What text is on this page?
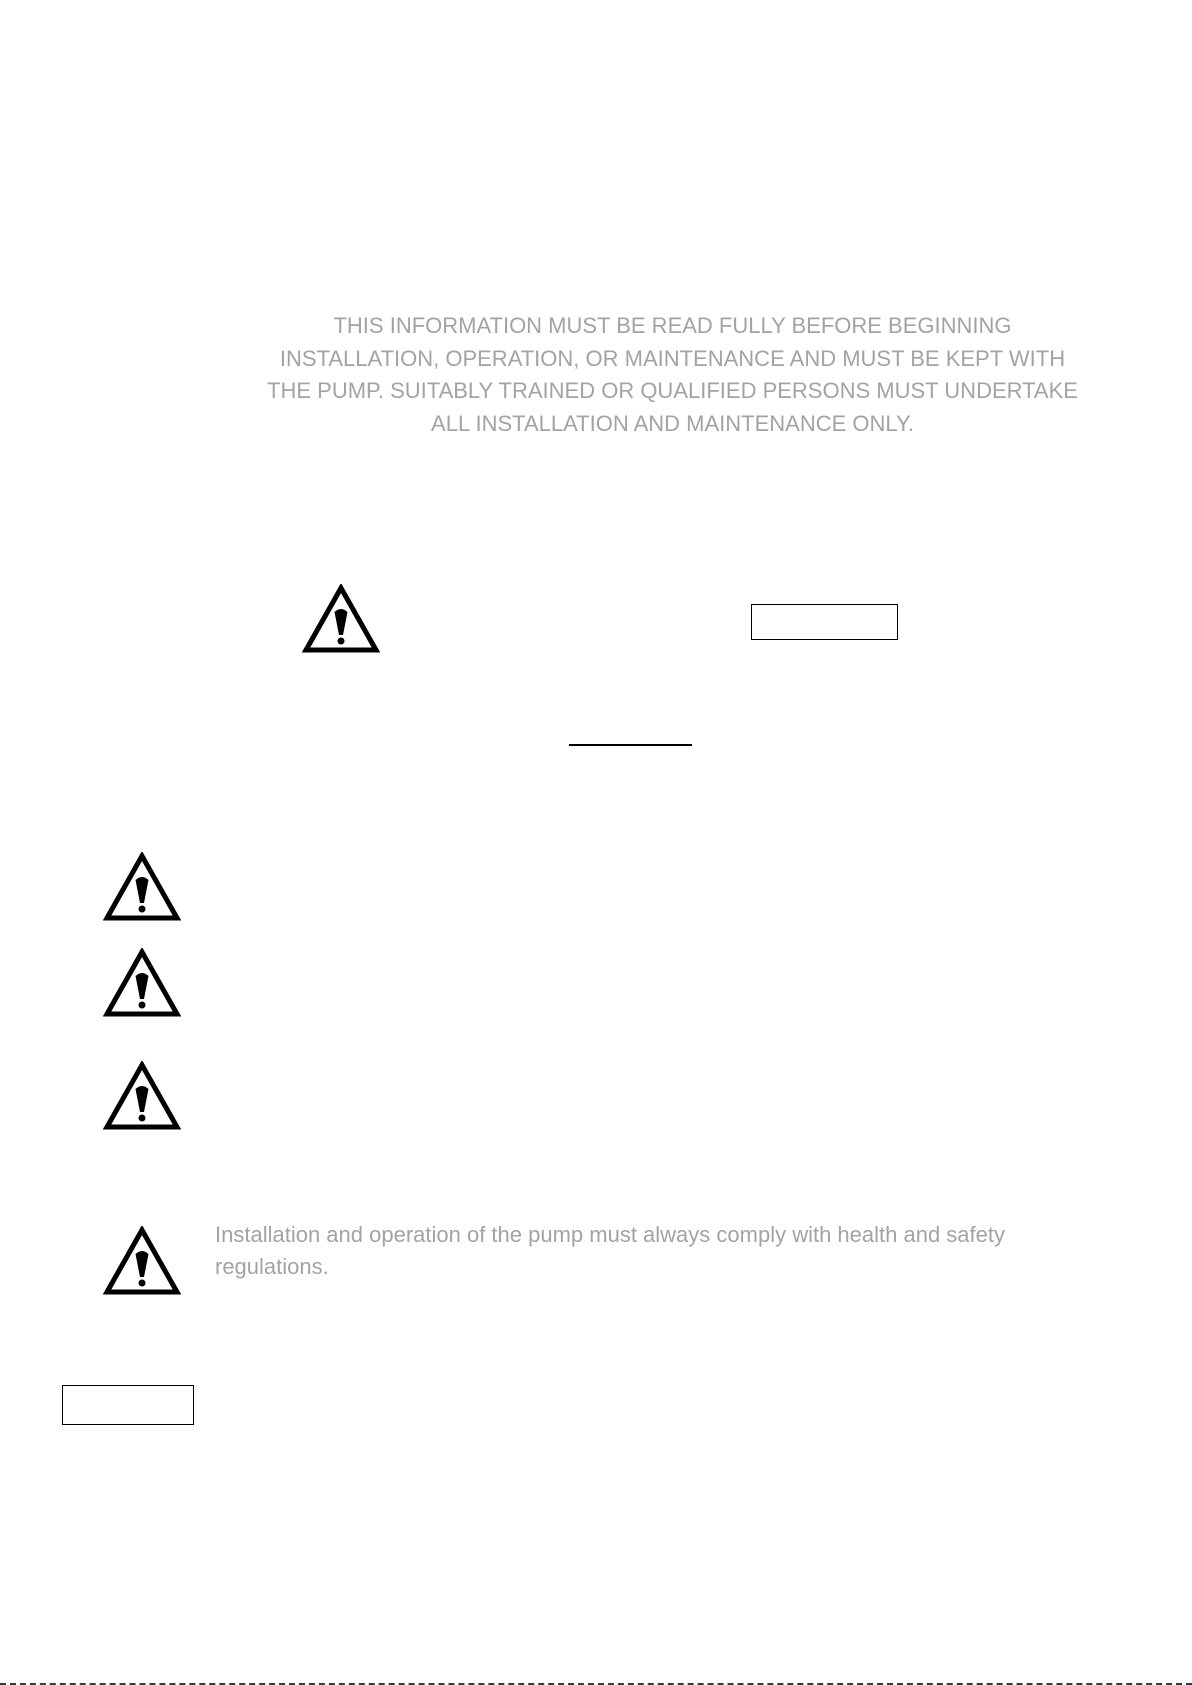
THIS INFORMATION MUST BE READ FULLY BEFORE BEGINNING
INSTALLATION, OPERATION, OR MAINTENANCE AND MUST BE KEPT WITH
THE PUMP. SUITABLY TRAINED OR QUALIFIED PERSONS MUST UNDERTAKE
ALL INSTALLATION AND MAINTENANCE ONLY.

Installation and operation of the pump must always comply with health and safety
regulations.
